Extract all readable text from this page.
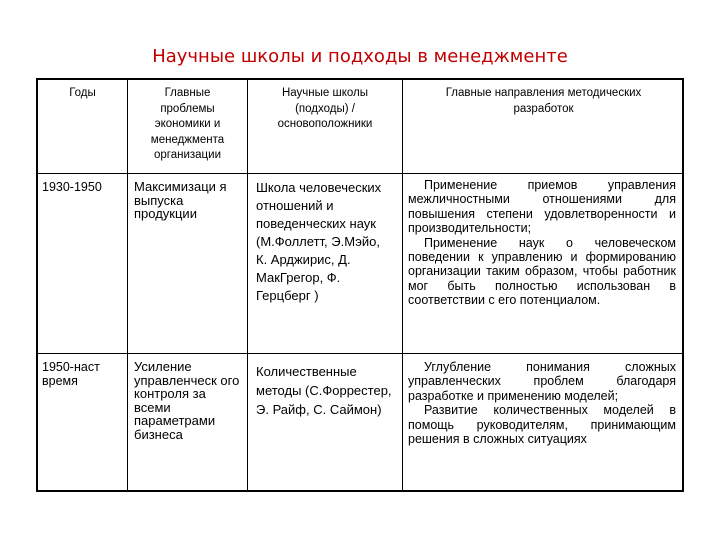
Научные школы и подходы в менеджменте
Годы	Главные проблемы экономики и менеджмента организации
Научные школы (подходы) /основоположники
Главные направления методических разработок
1930-1950	Максимизаци я выпуска продукции
Школа человеческих отношений и поведенческих наук (М.Фоллетт, Э.Мэйо, К. Арджирис, Д. МакГрегор, Ф. Герцберг )
Применение приемов управления межличностными отношениями для повышения степени удовлетворенности и производительности;
Применение наук о человеческом поведении к управлению и формированию организации таким образом, чтобы работник мог быть полностью использован в соответствии с его потенциалом.
1950-наст время
Усиление управленческ ого контроля за всеми параметрами бизнеса
Количественные методы (С.Форрестер, Э. Райф, С. Саймон)
Углубление понимания сложных управленческих проблем благодаря разработке и применению моделей;
Развитие количественных моделей в помощь руководителям, принимающим решения в сложных ситуациях
